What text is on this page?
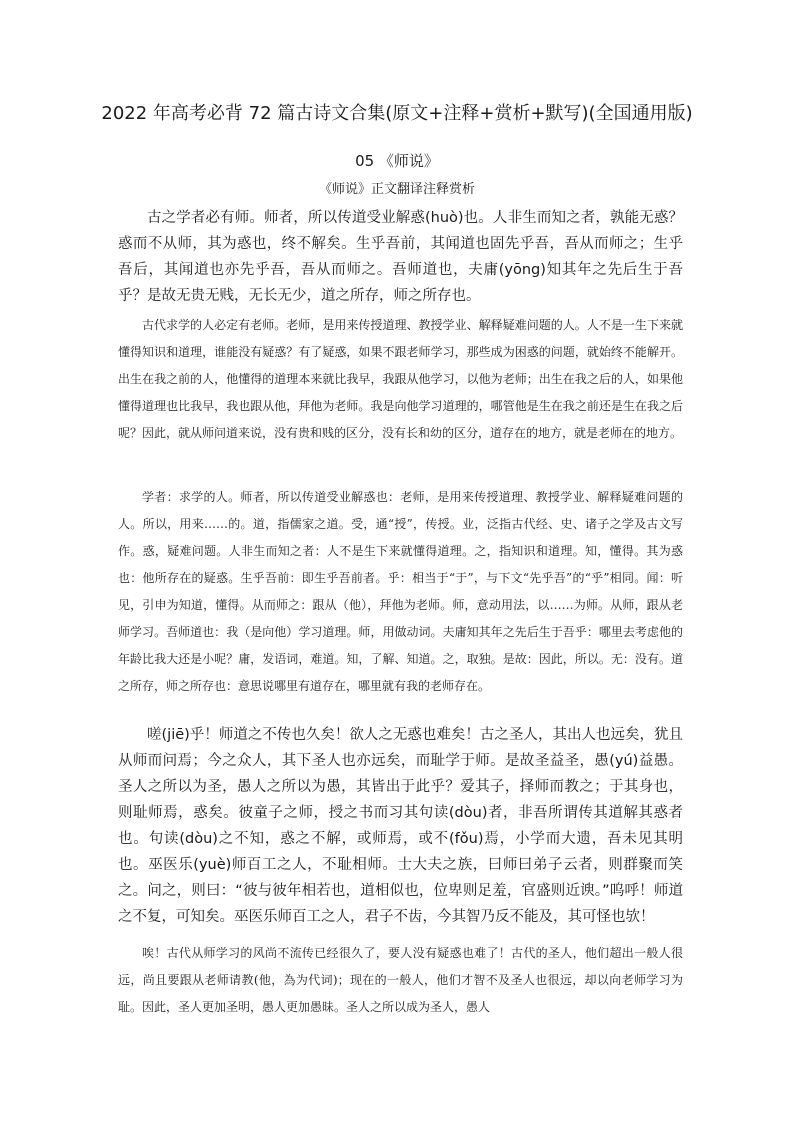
2022 年高考必背 72 篇古诗文合集(原文+注释+赏析+默写)(全国通用版)
05 《师说》
《师说》正文翻译注释赏析

古之学者必有师。师者，所以传道受业解惑(huò)也。人非生而知之者，孰能无惑？惑而不从师，其为惑也，终不解矣。生乎吾前，其闻道也固先乎吾，吾从而师之；生乎吾后，其闻道也亦先乎吾，吾从而师之。吾师道也，夫庸(yōng)知其年之先后生于吾乎？是故无贵无贱，无长无少，道之所存，师之所存也。

古代求学的人必定有老师。老师，是用来传授道理、教授学业、解释疑难问题的人。人不是一生下来就懂得知识和道理，谁能没有疑惑？有了疑惑，如果不跟老师学习，那些成为困惑的问题，就始终不能解开。出生在我之前的人，他懂得的道理本来就比我早，我跟从他学习，以他为老师；出生在我之后的人，如果他懂得道理也比我早，我也跟从他，拜他为老师。我是向他学习道理的，哪管他是生在我之前还是生在我之后呢？因此，就从师问道来说，没有贵和贱的区分，没有长和幼的区分，道存在的地方，就是老师在的地方。

学者：求学的人。师者，所以传道受业解惑也：老师，是用来传授道理、教授学业、解释疑难问题的人。所以，用来……的。道，指儒家之道。受，通“授”，传授。业，泛指古代经、史、诸子之学及古文写作。惑，疑难问题。人非生而知之者：人不是生下来就懂得道理。之，指知识和道理。知，懂得。其为惑也：他所存在的疑惑。生乎吾前：即生乎吾前者。乎：相当于“于”，与下文“先乎吾”的“乎”相同。闻：听见，引申为知道，懂得。从而师之：跟从（他），拜他为老师。师，意动用法，以……为师。从师，跟从老师学习。吾师道也：我（是向他）学习道理。师，用做动词。夫庸知其年之先后生于吾乎：哪里去考虑他的年龄比我大还是小呢？庸，发语词，难道。知，了解、知道。之，取独。是故：因此，所以。无：没有。道之所存，师之所存也：意思说哪里有道存在，哪里就有我的老师存在。

嗟(jiē)乎！师道之不传也久矣！欲人之无惑也难矣！古之圣人，其出人也远矣，犹且从师而问焉；今之众人，其下圣人也亦远矣，而耻学于师。是故圣益圣，愚(yú)益愚。圣人之所以为圣，愚人之所以为愚，其皆出于此乎？爱其子，择师而教之；于其身也，则耻师焉，惑矣。彼童子之师，授之书而习其句读(dòu)者，非吾所谓传其道解其惑者也。句读(dòu)之不知，惑之不解，或师焉，或不(fǒu)焉，小学而大遗，吾未见其明也。巫医乐(yuè)师百工之人，不耻相师。士大夫之族，曰师曰弟子云者，则群聚而笑之。问之，则曰：“彼与彼年相若也，道相似也，位卑则足羞，官盛则近谀。”呜呼！师道之不复，可知矣。巫医乐师百工之人，君子不齿，今其智乃反不能及，其可怪也欤！

唉！古代从师学习的风尚不流传已经很久了，要人没有疑惑也难了！古代的圣人，他们超出一般人很远，尚且要跟从老师请教(他，為为代词)；现在的一般人，他们才智不及圣人也很远，却以向老师学习为耻。因此，圣人更加圣明，愚人更加愚昧。圣人之所以成为圣人，愚人
